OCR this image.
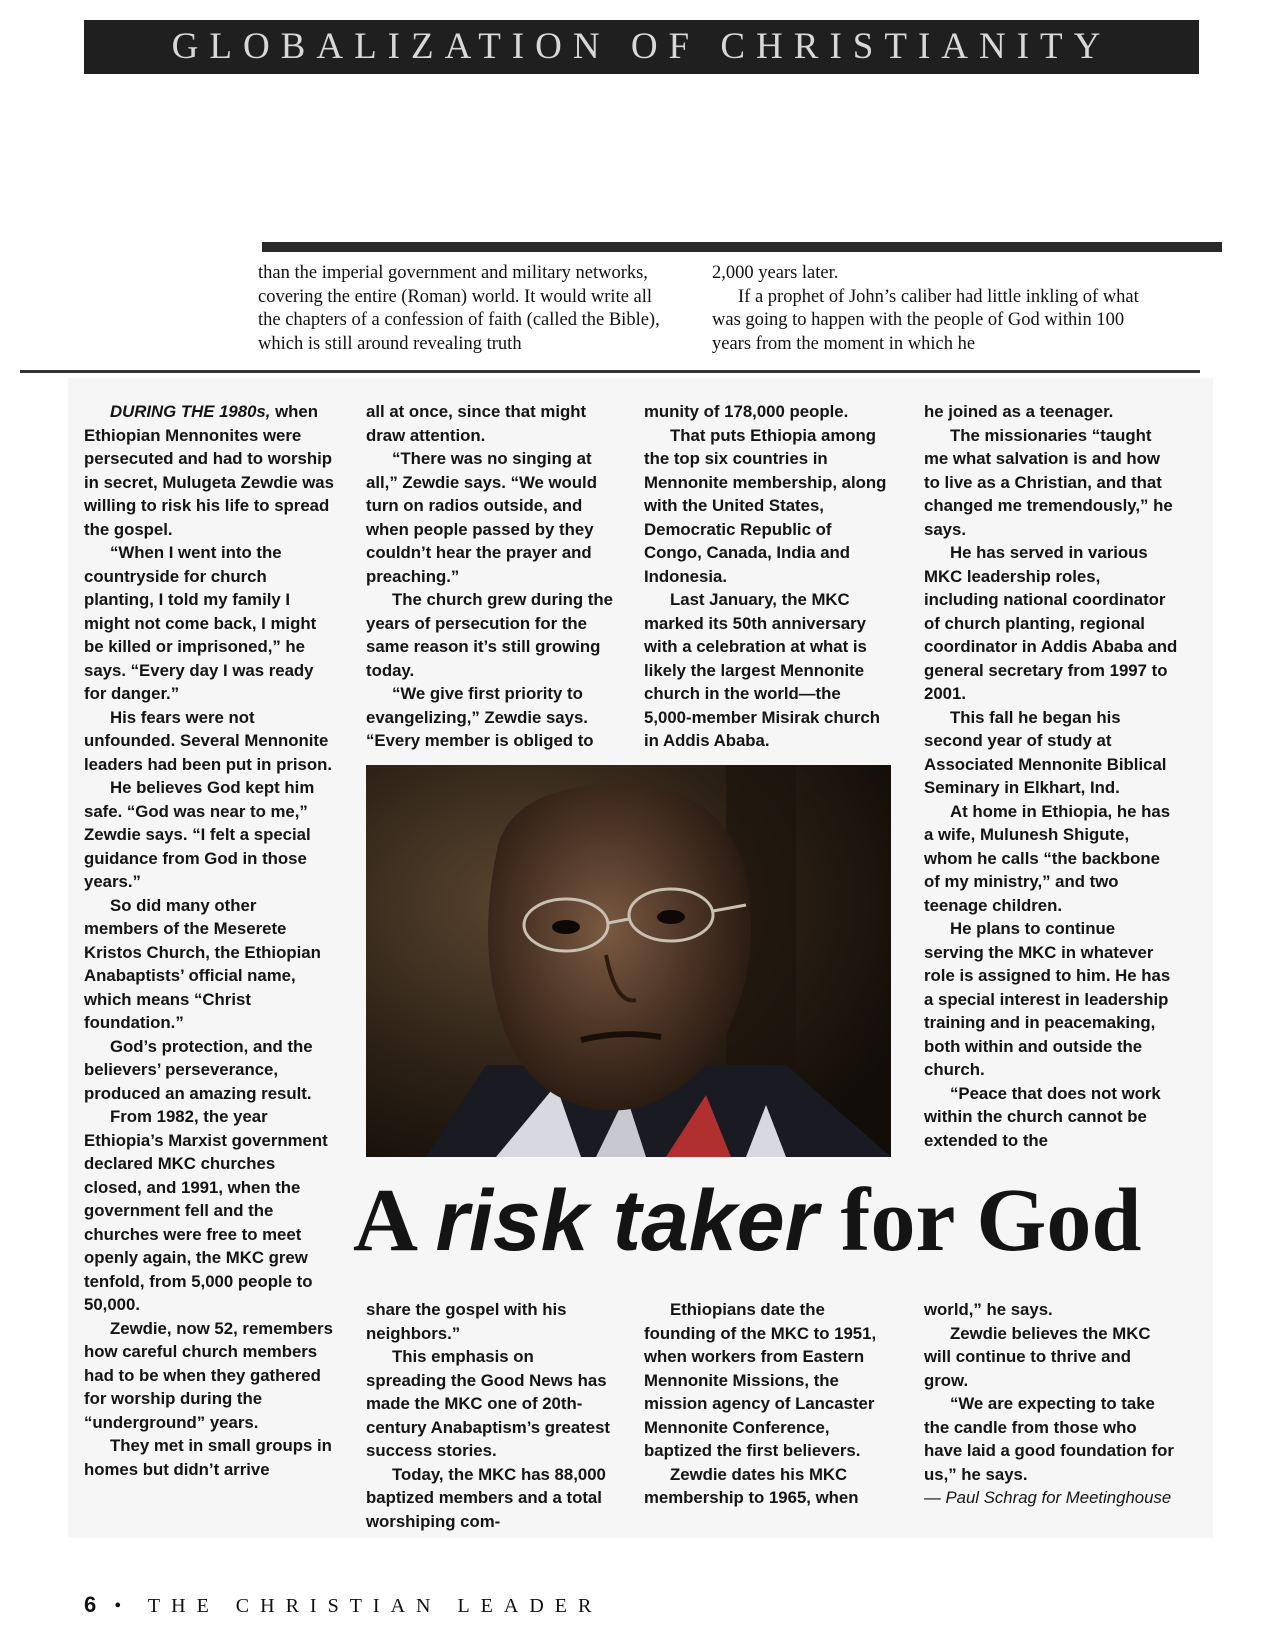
GLOBALIZATION OF CHRISTIANITY

than the imperial government and military networks, covering the entire (Roman) world. It would write all the chapters of a confession of faith (called the Bible), which is still around revealing truth

2,000 years later.

If a prophet of John’s caliber had little inkling of what was going to happen with the people of God within 100 years from the moment in which he

DURING THE 1980s, when Ethiopian Mennonites were persecuted and had to worship in secret, Mulugeta Zewdie was willing to risk his life to spread the gospel.

“When I went into the countryside for church planting, I told my family I might not come back, I might be killed or imprisoned,” he says. “Every day I was ready for danger.”

His fears were not unfounded. Several Mennonite leaders had been put in prison.

He believes God kept him safe. “God was near to me,” Zewdie says. “I felt a special guidance from God in those years.”

So did many other members of the Meserete Kristos Church, the Ethiopian Anabaptists’ official name, which means “Christ foundation.”

God’s protection, and the believers’ perseverance, produced an amazing result.

From 1982, the year Ethiopia’s Marxist government declared MKC churches closed, and 1991, when the government fell and the churches were free to meet openly again, the MKC grew tenfold, from 5,000 people to 50,000.

Zewdie, now 52, remembers how careful church members had to be when they gathered for worship during the “underground” years.

They met in small groups in homes but didn’t arrive

all at once, since that might draw attention.

“There was no singing at all,” Zewdie says. “We would turn on radios outside, and when people passed by they couldn’t hear the prayer and preaching.”

The church grew during the years of persecution for the same reason it’s still growing today.

“We give first priority to evangelizing,” Zewdie says. “Every member is obliged to

munity of 178,000 people.

That puts Ethiopia among the top six countries in Mennonite membership, along with the United States, Democratic Republic of Congo, Canada, India and Indonesia.

Last January, the MKC marked its 50th anniversary with a celebration at what is likely the largest Mennonite church in the world—the 5,000-member Misirak church in Addis Ababa.

he joined as a teenager.

The missionaries “taught me what salvation is and how to live as a Christian, and that changed me tremendously,” he says.

He has served in various MKC leadership roles, including national coordinator of church planting, regional coordinator in Addis Ababa and general secretary from 1997 to 2001.

This fall he began his second year of study at Associated Mennonite Biblical Seminary in Elkhart, Ind.

At home in Ethiopia, he has a wife, Mulunesh Shigute, whom he calls “the backbone of my ministry,” and two teenage children.

He plans to continue serving the MKC in whatever role is assigned to him. He has a special interest in leadership training and in peacemaking, both within and outside the church.

“Peace that does not work within the church cannot be extended to the

A risk taker for God

share the gospel with his neighbors.”

This emphasis on spreading the Good News has made the MKC one of 20th-century Anabaptism’s greatest success stories.

Today, the MKC has 88,000 baptized members and a total worshiping com-

Ethiopians date the founding of the MKC to 1951, when workers from Eastern Mennonite Missions, the mission agency of Lancaster Mennonite Conference, baptized the first believers.

Zewdie dates his MKC membership to 1965, when

world,” he says.

Zewdie believes the MKC will continue to thrive and grow.

“We are expecting to take the candle from those who have laid a good foundation for us,” he says.

— Paul Schrag for Meetinghouse

6 • THE CHRISTIAN LEADER
